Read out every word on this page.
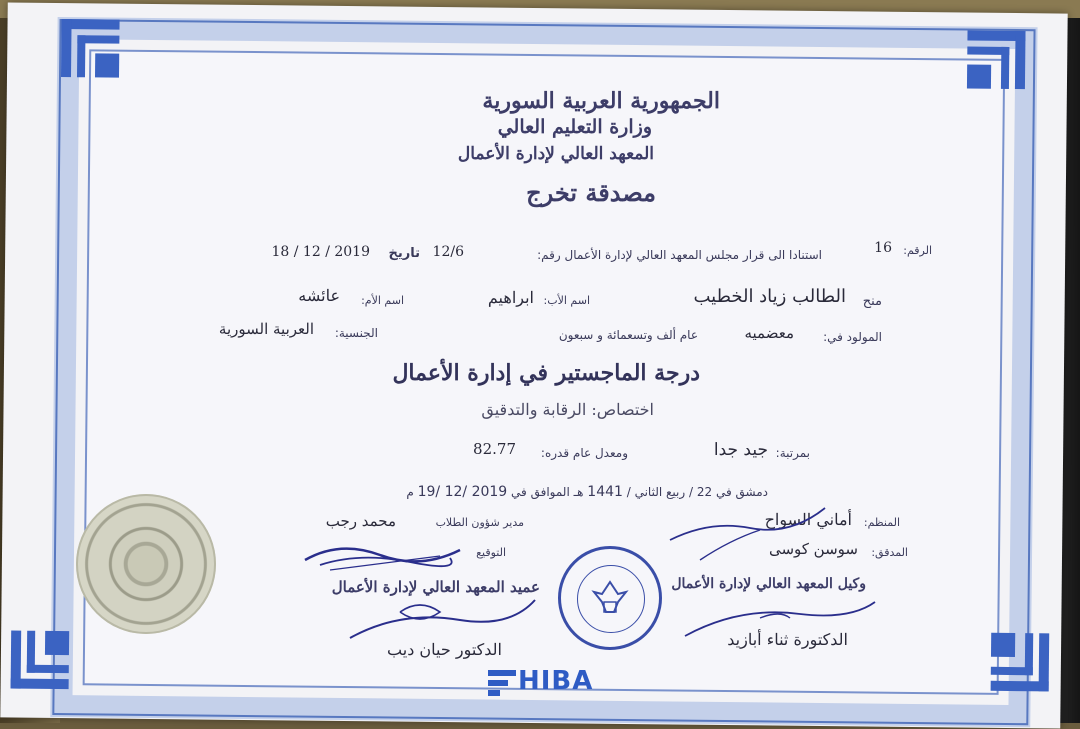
الجمهورية العربية السورية
وزارة التعليم العالي
المعهد العالي لإدارة الأعمال
مصدقة تخرج
الرقم:
16
استنادا الى قرار مجلس المعهد العالي لإدارة الأعمال رقم:
12/6
تاريخ
18 / 12 / 2019
منح
الطالب زياد الخطيب
اسم الأب:
ابراهيم
اسم الأم:
عائشه
المولود في:
معضميه
عام ألف وتسعمائة و سبعون
الجنسية:
العربية السورية
درجة الماجستير في إدارة الأعمال
اختصاص: الرقابة والتدقيق
بمرتبة:
جيد جدا
ومعدل عام قدره:
82.77
دمشق في 22 / ربيع الثاني / 1441 هـ الموافق في 19/ 12/ 2019 م
المنظم:
أماني السواح
المدقق:
سوسن كوسى
وكيل المعهد العالي لإدارة الأعمال
الدكتورة ثناء أبازيد
مدير شؤون الطلاب
محمد رجب
التوقيع
عميد المعهد العالي لإدارة الأعمال
الدكتور حيان ديب
HIBA
